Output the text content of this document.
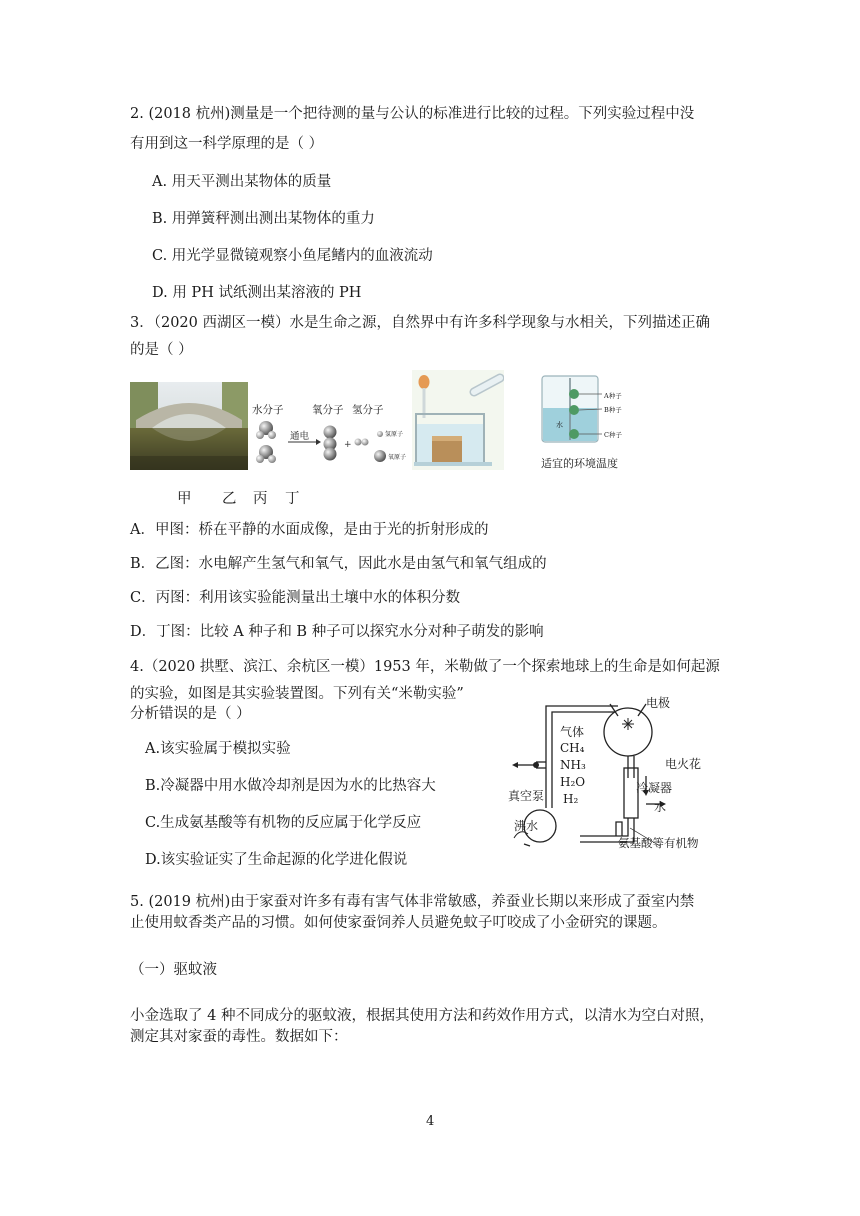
2. (2018 杭州)测量是一个把待测的量与公认的标准进行比较的过程。下列实验过程中没
有用到这一科学原理的是（ ）
A. 用天平测出某物体的质量
B. 用弹簧秤测出测出某物体的重力
C. 用光学显微镜观察小鱼尾鳍内的血液流动
D. 用 PH 试纸测出某溶液的 PH
3．（2020 西湖区一模）水是生命之源，自然界中有许多科学现象与水相关，下列描述正确
的是（ ）
+
水分子	氧分子 氢分子
通电	氢原子
氧原子
A种子
B种子
C种子
水
适宜的环境温度
甲 乙 丙 丁
A．甲图：桥在平静的水面成像，是由于光的折射形成的
B．乙图：水电解产生氢气和氧气，因此水是由氢气和氧气组成的
C．丙图：利用该实验能测量出土壤中水的体积分数
D．丁图：比较 A 种子和 B 种子可以探究水分对种子萌发的影响
4.（2020 拱墅、滨江、余杭区一模）1953 年，米勒做了一个探索地球上的生命是如何起源
的实验，如图是其实验装置图。下列有关“米勒实验”
分析错误的是（ ）
A.该实验属于模拟实验
B.冷凝器中用水做冷却剂是因为水的比热容大
C.生成氨基酸等有机物的反应属于化学反应
D.该实验证实了生命起源的化学进化假说
电极
气体
CH₄
NH₃
H₂O
H₂
电火花
真空泵
冷凝器
水
沸水
氨基酸等有机物
5. (2019 杭州)由于家蚕对许多有毒有害气体非常敏感，养蚕业长期以来形成了蚕室内禁
止使用蚊香类产品的习惯。如何使家蚕饲养人员避免蚊子叮咬成了小金研究的课题。
（一）驱蚊液
小金选取了 4 种不同成分的驱蚊液，根据其使用方法和药效作用方式，以清水为空白对照，
测定其对家蚕的毒性。数据如下：
4
